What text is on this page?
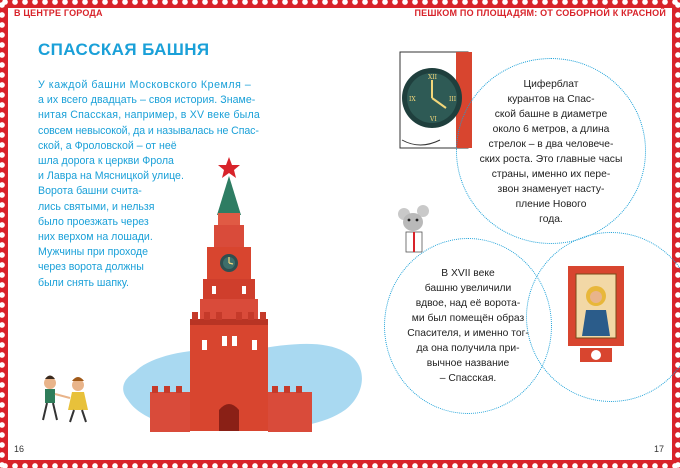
В ЦЕНТРЕ ГОРОДА	ПЕШКОМ ПО ПЛОЩАДЯМ: ОТ СОБОРНОЙ К КРАСНОЙ
СПАССКАЯ БАШНЯ
У каждой башни Московского Кремля –
а их всего двадцать – своя история. Знаме-
нитая Спасская, например, в XV веке была
совсем невысокой, да и называлась не Спас-
ской, а Фроловской – от неё
шла дорога к церкви Фрола
и Лавра на Мясницкой улице.
Ворота башни счита-
лись святыми, и нельзя
было проезжать через
них верхом на лошади.
Мужчины при проходе
через ворота должны
были снять шапку.
XII
III
VI
IX
Циферблат
курантов на Спас-
ской башне в диаметре
около 6 метров, а длина
стрелок – в два человече-
ских роста. Это главные часы
страны, именно их пере-
звон знаменует насту-
пление Нового
года.
В XVII веке
башню увеличили
вдвое, над её ворота-
ми был помещён образ
Спасителя, и именно тог-
да она получила при-
вычное название
– Спасская.
16	17
